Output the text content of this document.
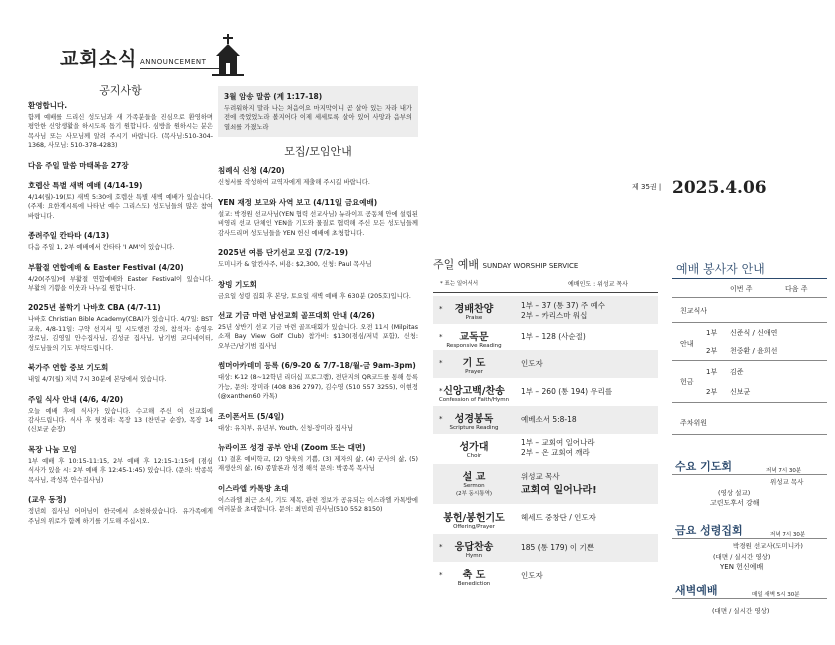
교회소식 ANNOUNCEMENT
공지사항
환영합니다.
함께 예배를 드리신 성도님과 새 가족분들을 진심으로 환영하며 평안한 신앙생활을 하시도록 돕기 원합니다. 심방을 원하시는 분은 목사님 또는 사모님께 알려 주시기 바랍니다. (목사님:510-304-1368, 사모님: 510-378-4283)
다음 주일 말씀 마태복음 27장
호렙산 특별 새벽 예배 (4/14-19)
4/14(월)-19(토) 새벽 5:30에 호렙산 특별 새벽 예배가 있습니다. (주제: 요한계시록에 나타난 예수 그리스도) 성도님들의 많은 참여 바랍니다.
종려주일 칸타타 (4/13)
다음 주일 1, 2부 예배에서 칸타타 'I AM'이 있습니다.
부활절 연합예배 & Easter Festival (4/20)
4/20(주일)에 부활절 연합예배와 Easter Festival이 있습니다. 부활의 기쁨을 이웃과 나누길 원합니다.
2025년 봄학기 나바호 CBA (4/7-11)
나바호 Christian Bible Academy(CBA)가 있습니다. 4/7일: BST 교육, 4/8-11일: 구약 선지서 및 시도행전 강의, 참석자: 송영우 장로님, 김영일 안수집사님, 김성균 집사님, 남기범 코디네이터, 성도님들의 기도 부탁드립니다.
북가주 연합 중보 기도회
내일 4/7(월) 저녁 7시 30분에 본당에서 있습니다.
주일 식사 안내 (4/6, 4/20)
오늘 예배 후에 식사가 있습니다. 수고해 주신 여 선교회에 감사드립니다. 식사 후 뒷정리: 목장 13 (찬민규 순장), 목장 14 (신보균 순장)
목장 나눔 모임
1부 예배 후 10:15-11:15, 2부 예배 후 12:15-1:15에 (점심 식사가 있을 시: 2부 예배 후 12:45-1:45) 있습니다. (문의: 박종복 목사님, 곽성복 안수집사님)
(교우 동정)
정년희 집사님 어머님이 한국에서 소천하셨습니다. 유가족에게 주님의 위로가 함께 하기를 기도해 주십시오.
3월 암송 말씀 (계 1:17-18)
두려워하지 말라 나는 처음이요 마지막이니 곧 살아 있는 자라 내가 전에 죽었었노라 볼지어다 이제 세세토록 살아 있어 사망과 음부의 열쇠를 가졌노라
모집/모임안내
침례식 신청 (4/20)
신청서를 작성하여 교역자에게 제출해 주시길 바랍니다.
YEN 재정 보고와 사역 보고 (4/11일 금요예배)
설교: 박경원 선교사님(YEN 협력 선교사님) 뉴라이프 공동체 안에 설립된 비영리 선교 단체인 YEN을 기도와 물질로 협력해 주신 모든 성도님들께 감사드리며 성도님들을 YEN 헌신 예배에 초청합니다.
2025년 여름 단기선교 모집 (7/2-19)
도미니카 & 알칸사주, 비용: $2,300, 신청: Paul 목사님
창빙 기도회
금요일 성령 집회 후 본당, 토요일 새벽 예배 후 630분 (205호)입니다.
선교 기금 마련 남선교회 골프대회 안내 (4/26)
25년 상반기 선교 기금 마련 골프대회가 있습니다. 오전 11시 (Milpitas 소재 Bay View Golf Club) 참가비: $130(점심/저녁 포함), 신청: 오부근/남기범 집사님
썸머아카데미 등록 (6/9-20 & 7/7-18/월-금 9am-3pm)
대상: K-12 (8~12학년 리더십 프로그램), 전단지의 QR코드를 통해 등록 가능, 문의: 장미라 (408 836 2797), 김수영 (510 557 3255), 이현정(@xanthen60 카톡)
조이폰서트 (5/4일)
대상: 유치부, 유년부, Youth, 신청-장미라 집사님
뉴라이프 성경 공부 안내 (Zoom 또는 대면)
(1) 결혼 예비학교, (2) 양육의 기쁨, (3) 제자의 삶, (4) 군사의 삶, (5) 재생산의 삶, (6) 종말론과 성경 해석 문의: 박종복 목사님
이스라엘 카톡방 초대
이스라엘 최근 소식, 기도 제목, 관련 정보가 공유되는 이스라엘 카톡방에 여러분을 초대합니다. 문의: 최민희 권사님(510 552 8150)
제 35권 | 2025.4.06
주일 예배 SUNDAY WORSHIP SERVICE
* 표는 일어서서	예배인도 : 위성교 목사
*	경배찬양
Praise
1부 – 37 (통 37) 주 예수
2부 – 카리스마 워십
*	교독문
Responsive Reading
1부 – 128 (사순절)
*	기 도
Prayer
인도자
* 신앙고백/찬송
Confession of Faith/Hymn
1부 – 260 (통 194) 우리를
*	성경봉독
Scripture Reading
예베소서 5:8-18
성가대
Choir
1부 – 교회여 일어나라
2부 – 온 교회여 깨라
설 교
Sermon
(2부 동시통역)
위성교 목사
교회여 일어나라!
봉헌/봉헌기도
Offering/Prayer
헤세드 중창단 / 인도자
*	응답찬송
Hymn
185 (통 179) 이 기쁜
*	축 도
Benediction
인도자
예배 봉사자 안내
이번 주	다음 주
친교식사
안내
1부 신준식 / 신애연
2부 천중환 / 윤희선
헌금
1부 김준
2부 신보균
주차위원
수요 기도회	저녁 7시 30분
위성교 목사
(영상 설교)
고린도후서 강해
금요 성령집회	저녁 7시 30분
박경원 선교사(도미니카)
(대면 / 실시간 영상)
YEN 헌신예배
새벽예배	매일 새벽 5시 30분
(대면 / 실시간 영상)
